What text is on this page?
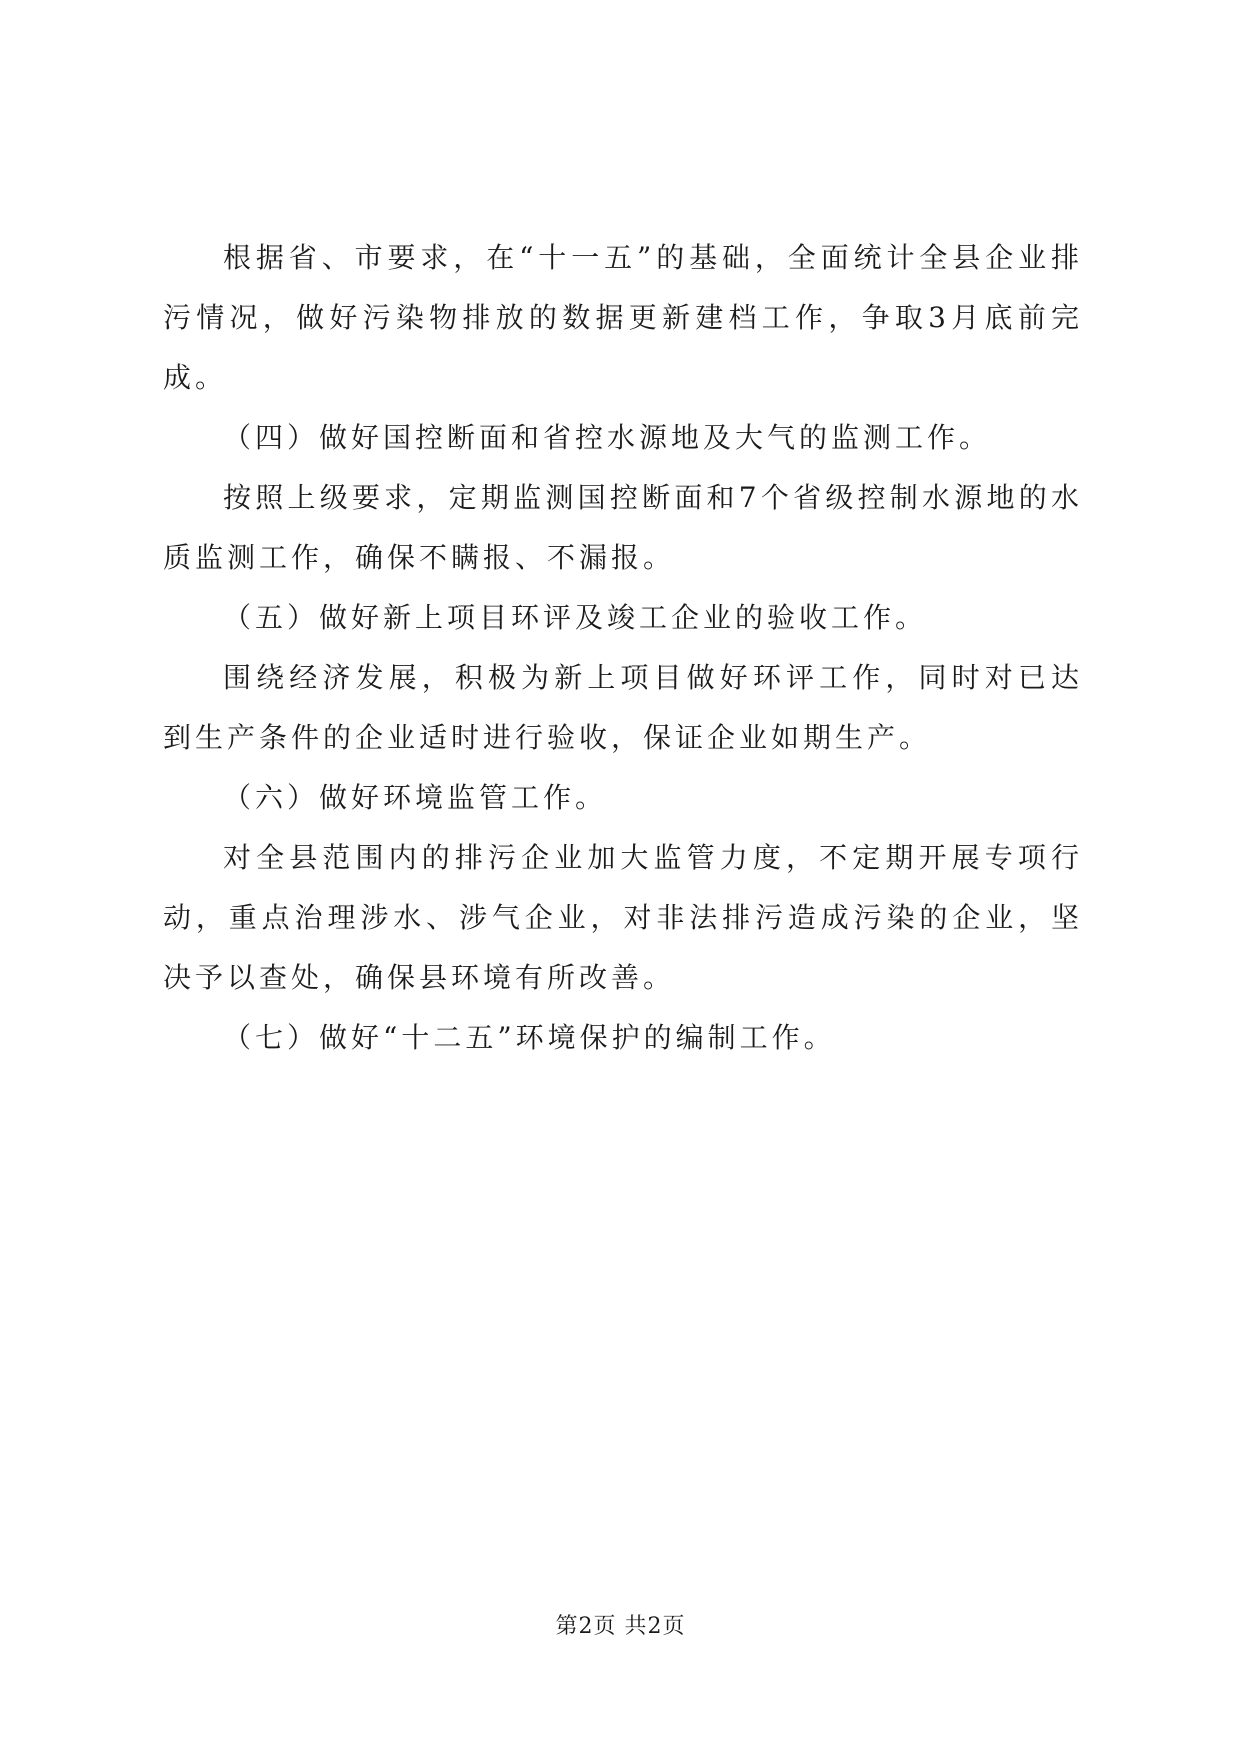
根据省、市要求，在“十一五”的基础，全面统计全县企业排污情况，做好污染物排放的数据更新建档工作，争取3月底前完成。

（四）做好国控断面和省控水源地及大气的监测工作。

按照上级要求，定期监测国控断面和7个省级控制水源地的水质监测工作，确保不瞒报、不漏报。

（五）做好新上项目环评及竣工企业的验收工作。

围绕经济发展，积极为新上项目做好环评工作，同时对已达到生产条件的企业适时进行验收，保证企业如期生产。

（六）做好环境监管工作。

对全县范围内的排污企业加大监管力度，不定期开展专项行动，重点治理涉水、涉气企业，对非法排污造成污染的企业，坚决予以查处，确保县环境有所改善。

（七）做好“十二五”环境保护的编制工作。

第2页 共2页
